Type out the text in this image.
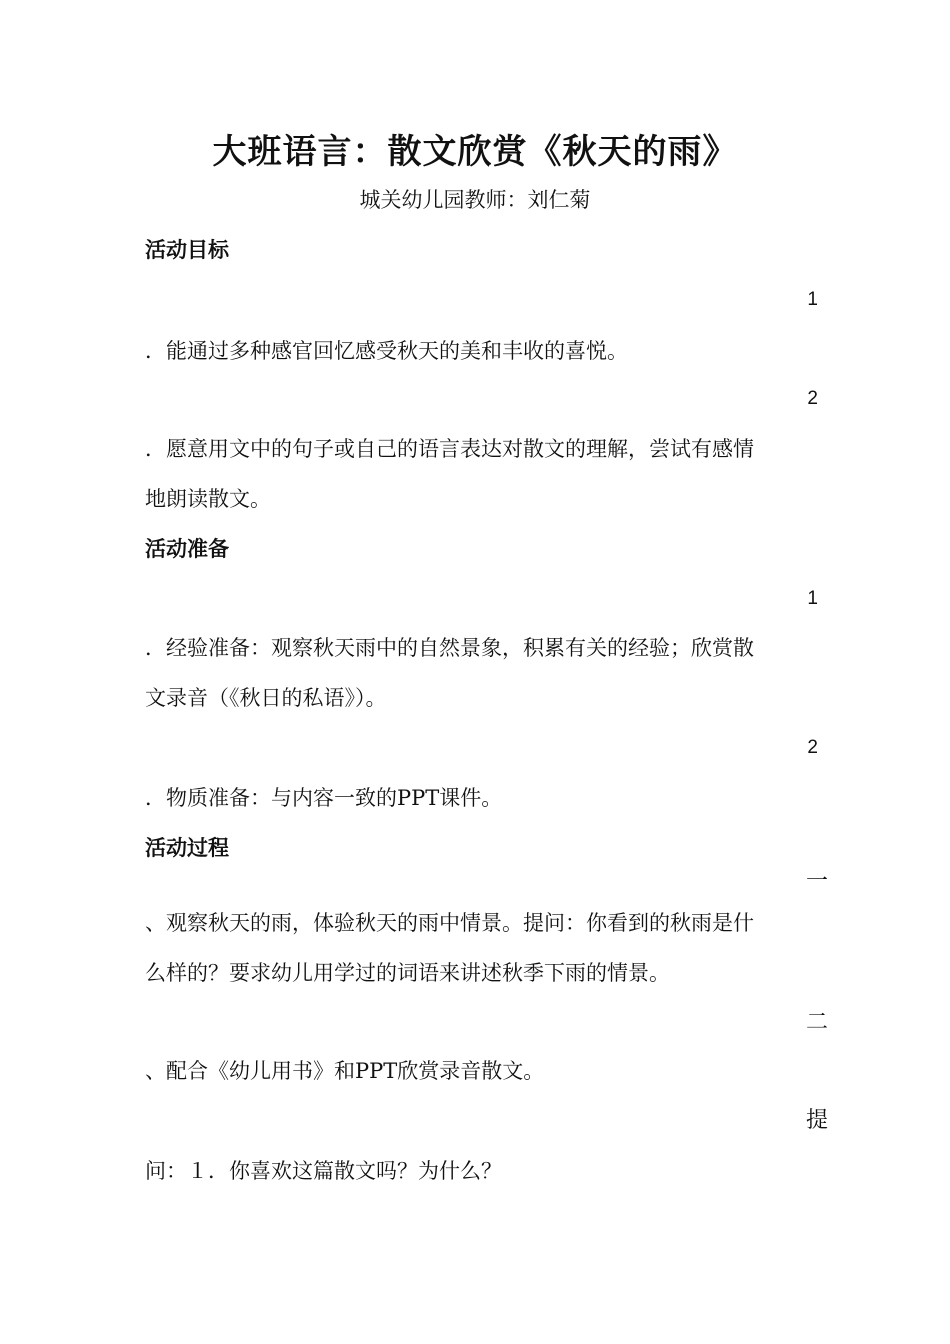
大班语言：散文欣赏《秋天的雨》
城关幼儿园教师：刘仁菊
活动目标
1
．能通过多种感官回忆感受秋天的美和丰收的喜悦。
2
．愿意用文中的句子或自己的语言表达对散文的理解，尝试有感情
地朗读散文。
活动准备
1
．经验准备：观察秋天雨中的自然景象，积累有关的经验；欣赏散
文录音（《秋日的私语》）。
2
．物质准备：与内容一致的PPT课件。
活动过程
一
、观察秋天的雨，体验秋天的雨中情景。提问：你看到的秋雨是什
么样的？要求幼儿用学过的词语来讲述秋季下雨的情景。
二
、配合《幼儿用书》和PPT欣赏录音散文。
提
问：１．你喜欢这篇散文吗？为什么？
